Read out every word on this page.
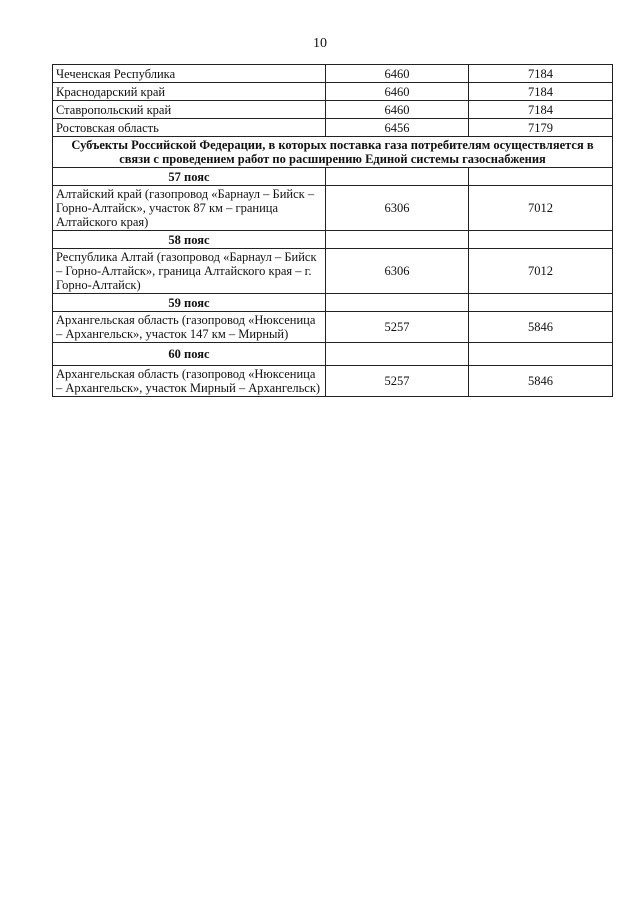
10
Чеченская Республика	6460	7184
Краснодарский край	6460	7184
Ставропольский край	6460	7184
Ростовская область	6456	7179
Субъекты Российской Федерации, в которых поставка газа потребителям осуществляется в связи с проведением работ по расширению Единой системы газоснабжения		
57 пояс		
Алтайский край (газопровод «Барнаул – Бийск – Горно-Алтайск», участок 87 км – граница Алтайского края)	6306	7012
58 пояс		
Республика Алтай (газопровод «Барнаул – Бийск – Горно-Алтайск», граница Алтайского края – г. Горно-Алтайск)	6306	7012
59 пояс		
Архангельская область (газопровод «Нюксеница – Архангельск», участок 147 км – Мирный)	5257	5846
60 пояс		
Архангельская область (газопровод «Нюксеница – Архангельск», участок Мирный – Архангельск)	5257	5846
